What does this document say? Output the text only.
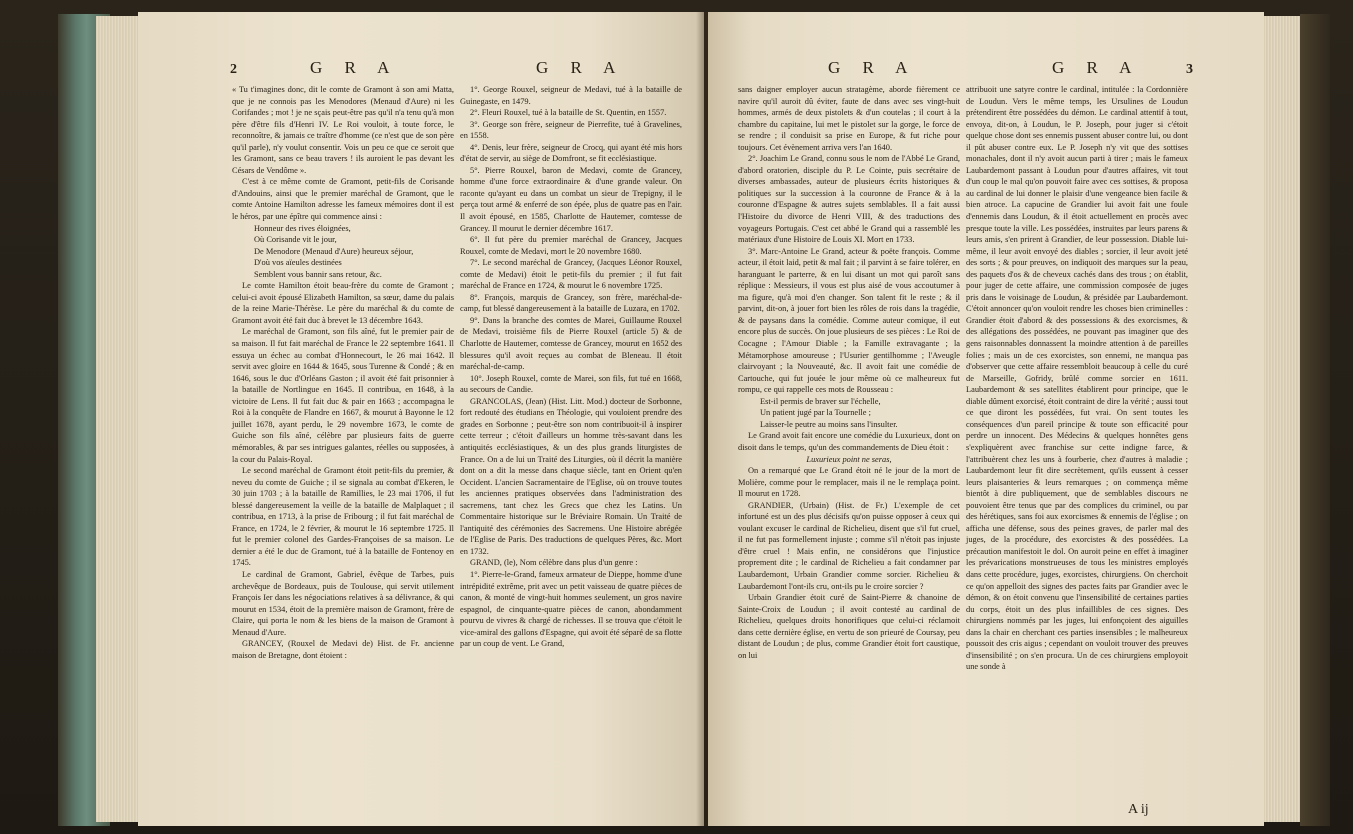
2	G R A	G R A

« Tu t'imagines donc, dit le comte de Gramont à son ami Matta, que je ne connois pas les Menodores (Menaud d'Aure) ni les Corifandes ; mot ! je ne sçais peut-être pas qu'il n'a tenu qu'à mon père d'être fils d'Henri IV. Le Roi vouloit, à toute force, le reconnoître, & jamais ce traître d'homme (ce n'est que de son père qu'il parle), n'y voulut consentir. Vois un peu ce que ce seroit que les Gramont, sans ce beau travers ! ils auroient le pas devant les Césars de Vendôme ».

C'est à ce même comte de Gramont, petit-fils de Corisande d'Andouins, ainsi que le premier maréchal de Gramont, que le comte Antoine Hamilton adresse les fameux mémoires dont il est le héros, par une épître qui commence ainsi :

Honneur des rives éloignées,

Où Corisande vit le jour,

De Menodore (Menaud d'Aure) heureux séjour,

D'où vos aïeules destinées

Semblent vous bannir sans retour, &c.

Le comte Hamilton étoit beau-frère du comte de Gramont ; celui-ci avoit épousé Elizabeth Hamilton, sa sœur, dame du palais de la reine Marie-Thérèse. Le père du maréchal & du comte de Gramont avoit été fait duc à brevet le 13 décembre 1643.

Le maréchal de Gramont, son fils aîné, fut le premier pair de sa maison. Il fut fait maréchal de France le 22 septembre 1641. Il essuya un échec au combat d'Honnecourt, le 26 mai 1642. Il servit avec gloire en 1644 & 1645, sous Turenne & Condé ; & en 1646, sous le duc d'Orléans Gaston ; il avoit été fait prisonnier à la bataille de Nortlingue en 1645. Il contribua, en 1648, à la victoire de Lens. Il fut fait duc & pair en 1663 ; accompagna le Roi à la conquête de Flandre en 1667, & mourut à Bayonne le 12 juillet 1678, ayant perdu, le 29 novembre 1673, le comte de Guiche son fils aîné, célèbre par plusieurs faits de guerre mémorables, & par ses intrigues galantes, réelles ou supposées, à la cour du Palais-Royal.

Le second maréchal de Gramont étoit petit-fils du premier, & neveu du comte de Guiche ; il se signala au combat d'Ekeren, le 30 juin 1703 ; à la bataille de Ramillies, le 23 mai 1706, il fut blessé dangereusement la veille de la bataille de Malplaquet ; il contribua, en 1713, à la prise de Fribourg ; il fut fait maréchal de France, en 1724, le 2 février, & mourut le 16 septembre 1725. Il fut le premier colonel des Gardes-Françoises de sa maison. Le dernier a été le duc de Gramont, tué à la bataille de Fontenoy en 1745.

Le cardinal de Gramont, Gabriel, évêque de Tarbes, puis archevêque de Bordeaux, puis de Toulouse, qui servit utilement François Ier dans les négociations relatives à sa délivrance, & qui mourut en 1534, étoit de la première maison de Gramont, frère de Claire, qui porta le nom & les biens de la maison de Gramont à Menaud d'Aure.

GRANCEY, (Rouxel de Medavi de) Hist. de Fr. ancienne maison de Bretagne, dont étoient :

1°. George Rouxel, seigneur de Medavi, tué à la bataille de Guinegaste, en 1479.

2°. Fleuri Rouxel, tué à la bataille de St. Quentin, en 1557.

3°. George son frère, seigneur de Pierrefite, tué à Gravelines, en 1558.

4°. Denis, leur frère, seigneur de Crocq, qui ayant été mis hors d'état de servir, au siège de Domfront, se fit ecclésiastique.

5°. Pierre Rouxel, baron de Medavi, comte de Grancey, homme d'une force extraordinaire & d'une grande valeur. On raconte qu'ayant eu dans un combat un sieur de Trepigny, il le perça tout armé & enferré de son épée, plus de quatre pas en l'air. Il avoit épousé, en 1585, Charlotte de Hautemer, comtesse de Grancey. Il mourut le dernier décembre 1617.

6°. Il fut père du premier maréchal de Grancey, Jacques Rouxel, comte de Medavi, mort le 20 novembre 1680.

7°. Le second maréchal de Grancey, (Jacques Léonor Rouxel, comte de Medavi) étoit le petit-fils du premier ; il fut fait maréchal de France en 1724, & mourut le 6 novembre 1725.

8°. François, marquis de Grancey, son frère, maréchal-de-camp, fut blessé dangereusement à la bataille de Luzara, en 1702.

9°. Dans la branche des comtes de Marei, Guillaume Rouxel de Medavi, troisième fils de Pierre Rouxel (article 5) & de Charlotte de Hautemer, comtesse de Grancey, mourut en 1652 des blessures qu'il avoit reçues au combat de Bleneau. Il étoit maréchal-de-camp.

10°. Joseph Rouxel, comte de Marei, son fils, fut tué en 1668, au secours de Candie.

GRANCOLAS, (Jean) (Hist. Litt. Mod.) docteur de Sorbonne, fort redouté des étudians en Théologie, qui vouloient prendre des grades en Sorbonne ; peut-être son nom contribuoit-il à inspirer cette terreur ; c'étoit d'ailleurs un homme très-savant dans les antiquités ecclésiastiques, & un des plus grands liturgistes de France. On a de lui un Traité des Liturgies, où il décrit la manière dont on a dit la messe dans chaque siècle, tant en Orient qu'en Occident. L'ancien Sacramentaire de l'Eglise, où on trouve toutes les anciennes pratiques observées dans l'administration des sacremens, tant chez les Grecs que chez les Latins. Un Commentaire historique sur le Bréviaire Romain. Un Traité de l'antiquité des cérémonies des Sacremens. Une Histoire abrégée de l'Eglise de Paris. Des traductions de quelques Pères, &c. Mort en 1732.

GRAND, (le), Nom célèbre dans plus d'un genre :

1°. Pierre-le-Grand, fameux armateur de Dieppe, homme d'une intrépidité extrême, prit avec un petit vaisseau de quatre pièces de canon, & monté de vingt-huit hommes seulement, un gros navire espagnol, de cinquante-quatre pièces de canon, abondamment pourvu de vivres & chargé de richesses. Il se trouva que c'étoit le vice-amiral des gallons d'Espagne, qui avoit été séparé de sa flotte par un coup de vent. Le Grand,

G R A	G R A	3

sans daigner employer aucun stratagème, aborde fièrement ce navire qu'il auroit dû éviter, faute de dans avec ses vingt-huit hommes, armés de deux pistolets & d'un coutelas ; il court à la chambre du capitaine, lui met le pistolet sur la gorge, le force de se rendre ; il conduisit sa prise en Europe, & fut riche pour toujours. Cet évènement arriva vers l'an 1640.

2°. Joachim Le Grand, connu sous le nom de l'Abbé Le Grand, d'abord oratorien, disciple du P. Le Cointe, puis secrétaire de diverses ambassades, auteur de plusieurs écrits historiques & politiques sur la succession à la couronne de France & à la couronne d'Espagne & autres sujets semblables. Il a fait aussi l'Histoire du divorce de Henri VIII, & des traductions des voyageurs Portugais. C'est cet abbé le Grand qui a rassemblé les matériaux d'une Histoire de Louis XI. Mort en 1733.

3°. Marc-Antoine Le Grand, acteur & poëte françois. Comme acteur, il étoit laid, petit & mal fait ; il parvint à se faire tolérer, en haranguant le parterre, & en lui disant un mot qui paroît sans réplique : Messieurs, il vous est plus aisé de vous accoutumer à ma figure, qu'à moi d'en changer. Son talent fit le reste ; & il parvint, dit-on, à jouer fort bien les rôles de rois dans la tragédie, & de paysans dans la comédie. Comme auteur comique, il eut encore plus de succès. On joue plusieurs de ses pièces : Le Roi de Cocagne ; l'Amour Diable ; la Famille extravagante ; la Métamorphose amoureuse ; l'Usurier gentilhomme ; l'Aveugle clairvoyant ; la Nouveauté, &c. Il avoit fait une comédie de Cartouche, qui fut jouée le jour même où ce malheureux fut rompu, ce qui rappelle ces mots de Rousseau :

Est-il permis de braver sur l'échelle,

Un patient jugé par la Tournelle ;

Laisser-le peutre au moins sans l'insulter.

Le Grand avoit fait encore une comédie du Luxurieux, dont on disoit dans le temps, qu'un des commandements de Dieu étoit :

Luxurieux point ne seras,

On a remarqué que Le Grand étoit né le jour de la mort de Molière, comme pour le remplacer, mais il ne le remplaça point. Il mourut en 1728.

GRANDIER, (Urbain) (Hist. de Fr.) L'exemple de cet infortuné est un des plus décisifs qu'on puisse opposer à ceux qui voulant excuser le cardinal de Richelieu, disent que s'il fut cruel, il ne fut pas formellement injuste ; comme s'il n'étoit pas injuste d'être cruel ! Mais enfin, ne considérons que l'injustice proprement dite ; le cardinal de Richelieu a fait condamner par Laubardemont, Urbain Grandier comme sorcier. Richelieu & Laubardemont l'ont-ils cru, ont-ils pu le croire sorcier ?

Urbain Grandier étoit curé de Saint-Pierre & chanoine de Sainte-Croix de Loudun ; il avoit contesté au cardinal de Richelieu, quelques droits honorifiques que celui-ci réclamoit dans cette dernière église, en vertu de son prieuré de Coursay, peu distant de Loudun ; de plus, comme Grandier étoit fort caustique, on lui

attribuoit une satyre contre le cardinal, intitulée : la Cordonnière de Loudun. Vers le même temps, les Ursulines de Loudun prétendirent être possédées du démon. Le cardinal attentif à tout, envoya, dit-on, à Loudun, le P. Joseph, pour juger si c'étoit quelque chose dont ses ennemis pussent abuser contre lui, ou dont il pût abuser contre eux. Le P. Joseph n'y vit que des sottises monachales, dont il n'y avoit aucun parti à tirer ; mais le fameux Laubardemont passant à Loudun pour d'autres affaires, vit tout d'un coup le mal qu'on pouvoit faire avec ces sottises, & proposa au cardinal de lui donner le plaisir d'une vengeance bien facile & bien atroce. La capucine de Grandier lui avoit fait une foule d'ennemis dans Loudun, & il étoit actuellement en procès avec presque toute la ville. Les possédées, instruites par leurs parens & leurs amis, s'en prirent à Grandier, de leur possession. Diable lui-même, il leur avoit envoyé des diables ; sorcier, il leur avoit jeté des sorts ; & pour preuves, on indiquoit des marques sur la peau, des paquets d'os & de cheveux cachés dans des trous ; on établit, pour juger de cette affaire, une commission composée de juges pris dans le voisinage de Loudun, & présidée par Laubardemont. C'étoit annoncer qu'on vouloit rendre les choses bien criminelles : Grandier étoit d'abord & des possessions & des exorcismes, & des allégations des possédées, ne pouvant pas imaginer que des gens raisonnables donnassent la moindre attention à de pareilles folies ; mais un de ces exorcistes, son ennemi, ne manqua pas d'observer que cette affaire ressembloit beaucoup à celle du curé de Marseille, Gofridy, brûlé comme sorcier en 1611. Laubardemont & ses satellites établirent pour principe, que le diable dûment exorcisé, étoit contraint de dire la vérité ; aussi tout ce que diront les possédées, fut vrai. On sent toutes les conséquences d'un pareil principe & toute son efficacité pour perdre un innocent. Des Médecins & quelques honnêtes gens s'expliquèrent avec franchise sur cette indigne farce, & l'attribuèrent chez les uns à fourberie, chez d'autres à maladie ; Laubardemont leur fit dire secrètement, qu'ils eussent à cesser leurs plaisanteries & leurs remarques ; on commença même bientôt à dire publiquement, que de semblables discours ne pouvoient être tenus que par des complices du criminel, ou par des hérétiques, sans foi aux exorcismes & ennemis de l'église ; on afficha une défense, sous des peines graves, de parler mal des juges, de la procédure, des exorcistes & des possédées. La précaution manifestoit le dol. On auroit peine en effet à imaginer les prévarications monstrueuses de tous les ministres employés dans cette procédure, juges, exorcistes, chirurgiens. On cherchoit ce qu'on appelloit des signes des pactes faits par Grandier avec le démon, & on étoit convenu que l'insensibilité de certaines parties du corps, étoit un des plus infaillibles de ces signes. Des chirurgiens nommés par les juges, lui enfonçoient des aiguilles dans la chair en cherchant ces parties insensibles ; le malheureux poussoit des cris aigus ; cependant on vouloit trouver des preuves d'insensibilité ; on s'en procura. Un de ces chirurgiens employoit une sonde à

A ij
